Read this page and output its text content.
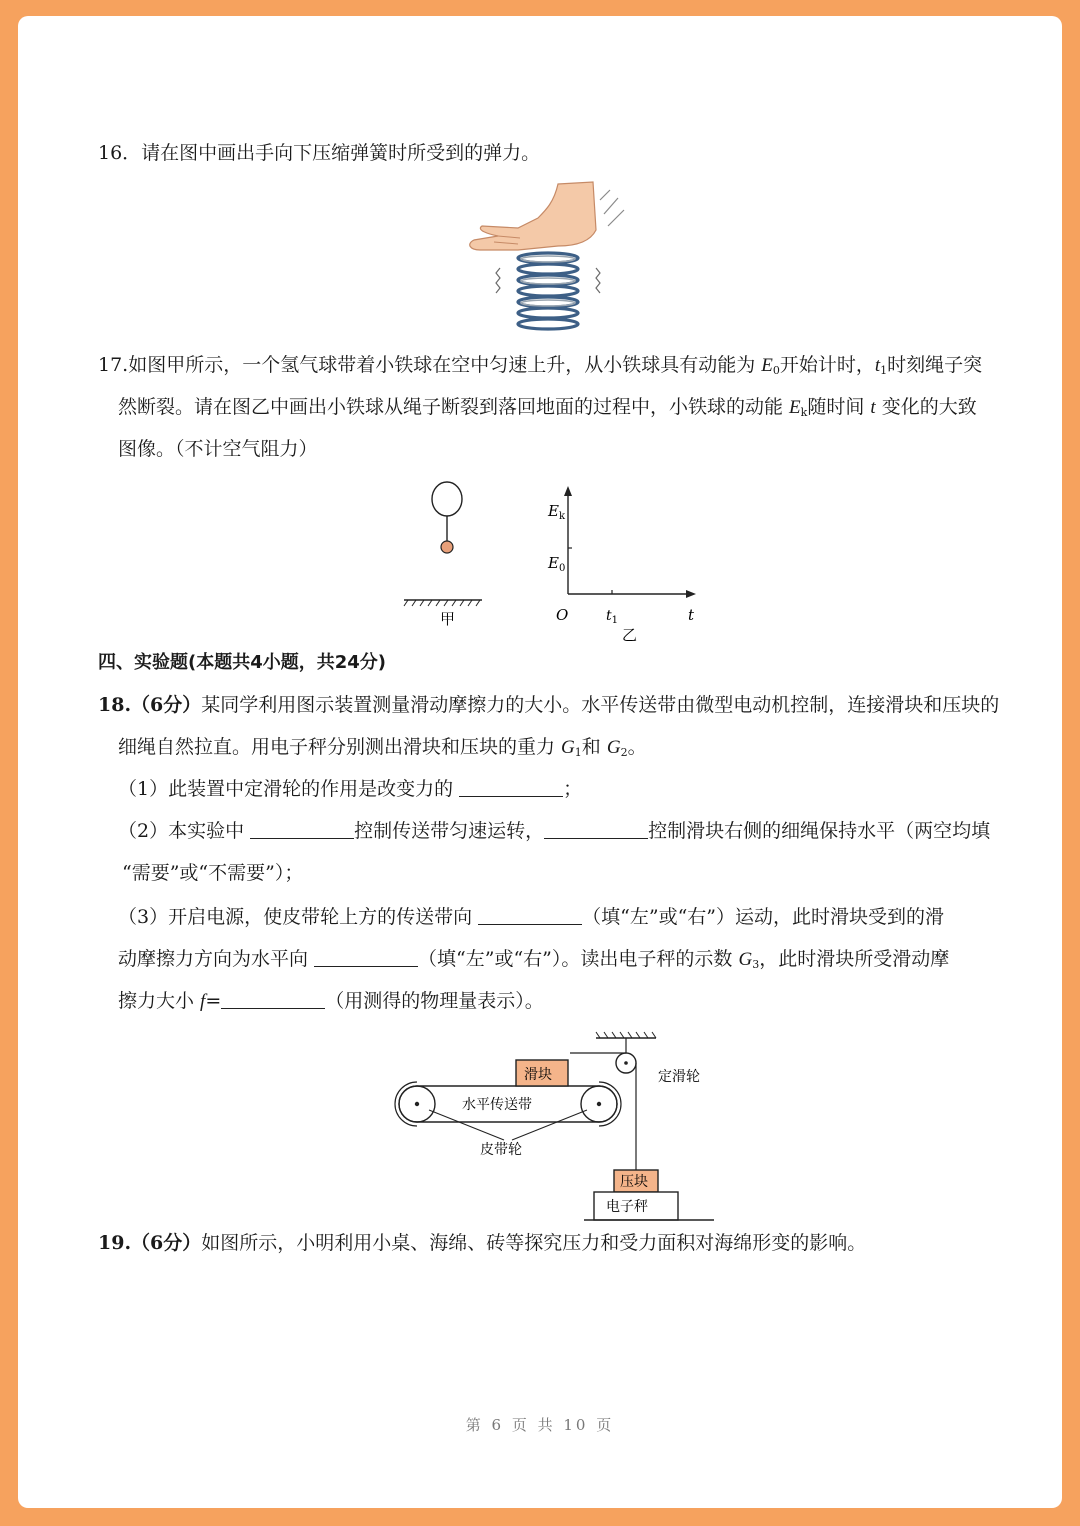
16．请在图中画出手向下压缩弹簧时所受到的弹力。
17.如图甲所示，一个氢气球带着小铁球在空中匀速上升，从小铁球具有动能为 $E_0$开始计时，$t_1$时刻绳子突
然断裂。请在图乙中画出小铁球从绳子断裂到落回地面的过程中，小铁球的动能 $E_k$随时间 t 变化的大致
图像。（不计空气阻力）
甲
$E_k$
$E_0$
O	$t_1$	t
乙
四、实验题(本题共4小题，共24分)
18.（6分）某同学利用图示装置测量滑动摩擦力的大小。水平传送带由微型电动机控制，连接滑块和压块的
细绳自然拉直。用电子秤分别测出滑块和压块的重力 $G_1$和 $G_2$。
（1）此装置中定滑轮的作用是改变力的	；
（2）本实验中	控制传送带匀速运转，	控制滑块右侧的细绳保持水平（两空均填
“需要”或“不需要”）；
（3）开启电源，使皮带轮上方的传送带向	（填“左”或“右”）运动，此时滑块受到的滑
动摩擦力方向为水平向	（填“左”或“右”）。读出电子秤的示数 $G_3$，此时滑块所受滑动摩
擦力大小 f=	（用测得的物理量表示）。
滑块	定滑轮
水平传送带
皮带轮
压块
电子秤
19.（6分）如图所示，小明利用小桌、海绵、砖等探究压力和受力面积对海绵形变的影响。
第 6 页 共 10 页
